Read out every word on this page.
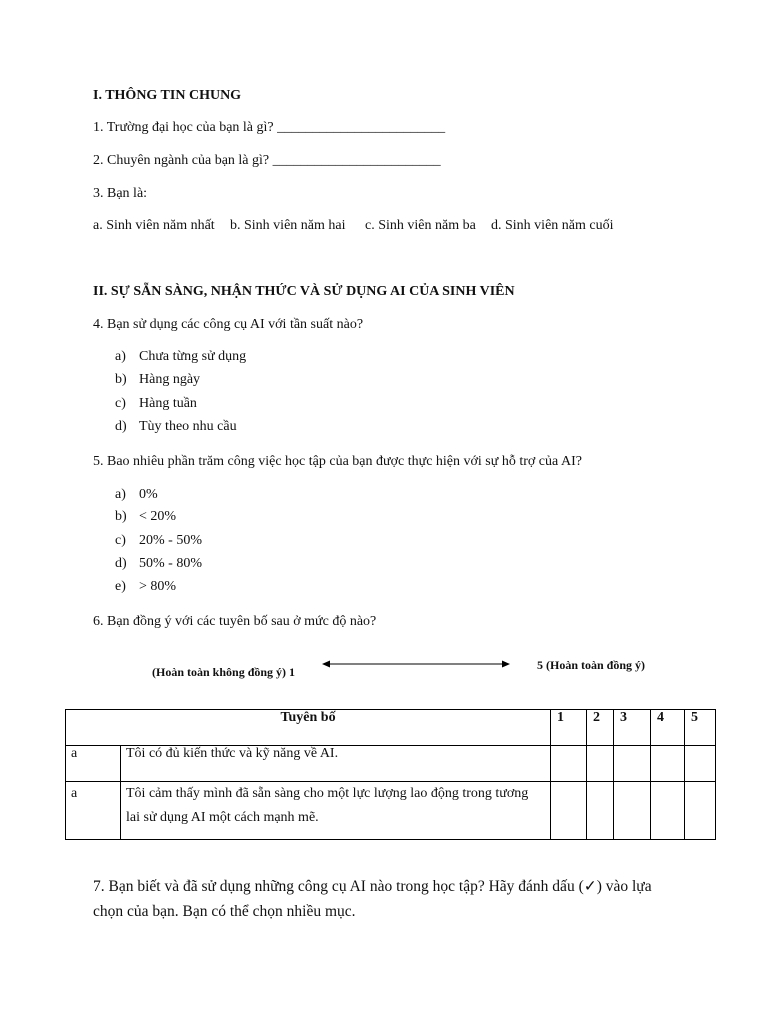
I. THÔNG TIN CHUNG
1. Trường đại học của bạn là gì? ________________________
2. Chuyên ngành của bạn là gì? ________________________
3. Bạn là:
a. Sinh viên năm nhất b. Sinh viên năm hai c. Sinh viên năm ba d. Sinh viên năm cuối
II. SỰ SẴN SÀNG, NHẬN THỨC VÀ SỬ DỤNG AI CỦA SINH VIÊN
4. Bạn sử dụng các công cụ AI với tần suất nào?
a) Chưa từng sử dụng
b) Hàng ngày
c) Hàng tuần
d) Tùy theo nhu cầu
5. Bao nhiêu phần trăm công việc học tập của bạn được thực hiện với sự hỗ trợ của AI?
a) 0%
b) < 20%
c) 20% - 50%
d) 50% - 80%
e) > 80%
6. Bạn đồng ý với các tuyên bố sau ở mức độ nào?
(Hoàn toàn không đồng ý) 1	5 (Hoàn toàn đồng ý)
Tuyên bố		1	2	3	4	5
a	Tôi có đủ kiến thức và kỹ năng về AI.					
a	Tôi cảm thấy mình đã sẵn sàng cho một lực lượng lao động trong tương
lai sử dụng AI một cách mạnh mẽ.					

7. Bạn biết và đã sử dụng những công cụ AI nào trong học tập? Hãy đánh dấu (✓) vào lựa
chọn của bạn. Bạn có thể chọn nhiều mục.
